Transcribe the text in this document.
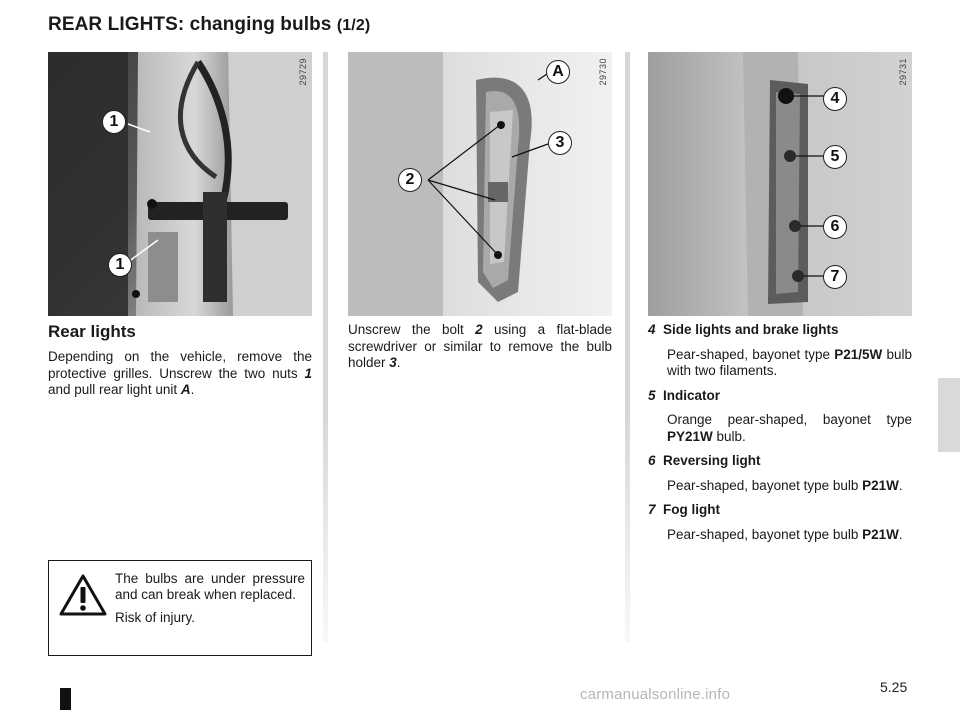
REAR LIGHTS: changing bulbs (1/2)
29729
1
1
29730
A
3
2
29731
4
5
6
7
Rear lights

Depending on the vehicle, remove the protective grilles. Unscrew the two nuts 1 and pull rear light unit A.

Unscrew the bolt 2 using a flat-blade screwdriver or similar to remove the bulb holder 3.

4 Side lights and brake lights
Pear-shaped, bayonet type P21/5W bulb with two filaments.
5 Indicator
Orange pear-shaped, bayonet type PY21W bulb.
6 Reversing light
Pear-shaped, bayonet type bulb P21W.
7 Fog light
Pear-shaped, bayonet type bulb P21W.

The bulbs are under pressure and can break when replaced.

Risk of injury.

5.25
carmanualsonline.info
